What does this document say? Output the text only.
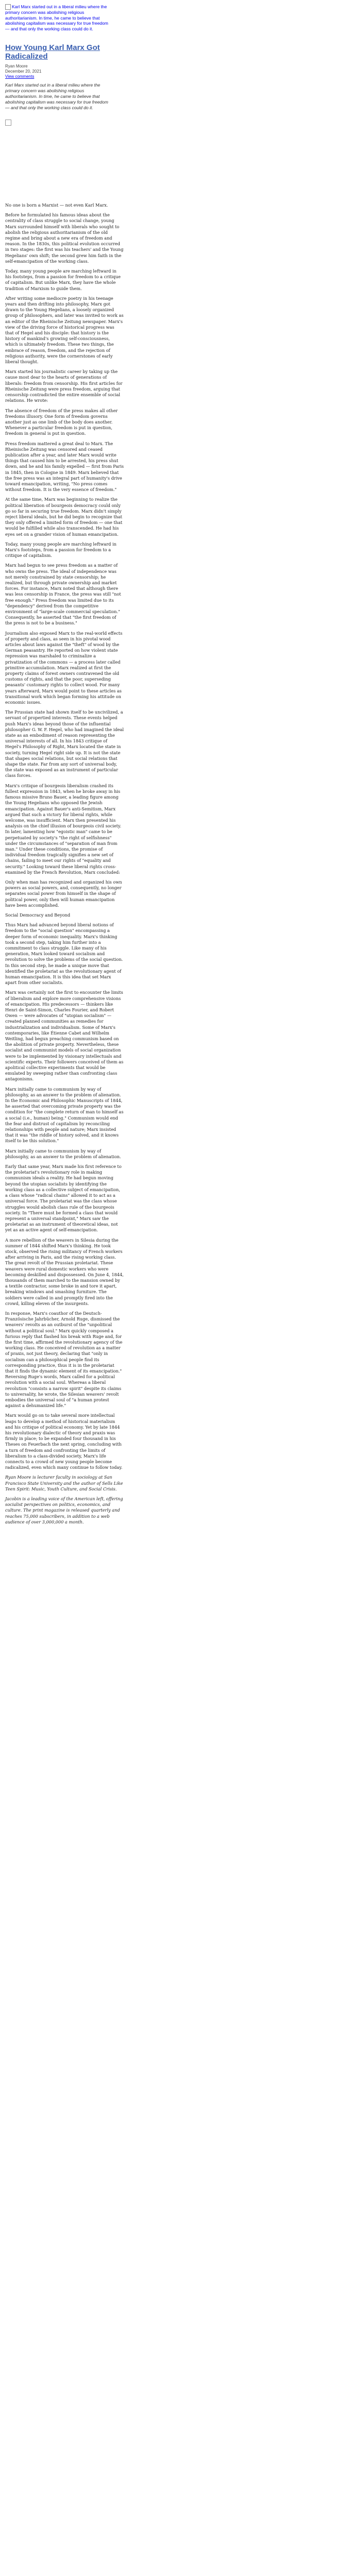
Karl Marx started out in a liberal milieu where the primary concern was abolishing religious authoritarianism. In time, he came to believe that abolishing capitalism was necessary for true freedom — and that only the working class could do it.
How Young Karl Marx Got Radicalized
Ryan Moore
December 20, 2021
View comments

Karl Marx started out in a liberal milieu where the primary concern was abolishing religious authoritarianism. In time, he came to believe that abolishing capitalism was necessary for true freedom — and that only the working class could do it.

No one is born a Marxist — not even Karl Marx.

Before he formulated his famous ideas about the centrality of class struggle to social change, young Marx surrounded himself with liberals who sought to abolish the religious authoritarianism of the old regime and bring about a new era of freedom and reason. In the 1830s, this political evolution occurred in two stages: the first was his teachers' and the Young Hegelians' own shift; the second grew him faith in the self-emancipation of the working class.

Today, many young people are marching leftward in his footsteps, from a passion for freedom to a critique of capitalism. But unlike Marx, they have the whole tradition of Marxism to guide them.

After writing some mediocre poetry in his teenage years and then drifting into philosophy, Marx got drawn to the Young Hegelians, a loosely organized group of philosophers, and later was invited to work as an editor of the Rheinische Zeitung newspaper. Marx's view of the driving force of historical progress was that of Hegel and his disciple: that history is the history of mankind's growing self-consciousness, which is ultimately freedom. These two things, the embrace of reason, freedom, and the rejection of religious authority, were the cornerstones of early liberal thought.

Marx started his journalistic career by taking up the cause most dear to the hearts of generations of liberals: freedom from censorship. His first articles for Rheinische Zeitung were press freedom, arguing that censorship contradicted the entire ensemble of social relations. He wrote:

The absence of freedom of the press makes all other freedoms illusory. One form of freedom governs another just as one limb of the body does another. Whenever a particular freedom is put in question, freedom in general is put in question.

Press freedom mattered a great deal to Marx. The Rheinische Zeitung was censored and ceased publication after a year, and later Marx would write things that caused him to be arrested, his press shut down, and he and his family expelled — first from Paris in 1845, then in Cologne in 1849. Marx believed that the free press was an integral part of humanity's drive toward emancipation, writing, "No press comes without freedom. It is the very essence of freedom."

At the same time, Marx was beginning to realize the political liberation of bourgeois democracy could only go so far in securing true freedom. Marx didn't simply reject liberal ideals, but he did begin to recognize that they only offered a limited form of freedom — one that would be fulfilled while also transcended. He had his eyes set on a grander vision of human emancipation.

Today, many young people are marching leftward in Marx's footsteps, from a passion for freedom to a critique of capitalism.

Marx had begun to see press freedom as a matter of who owns the press. The ideal of independence was not merely constrained by state censorship; he realized, but through private ownership and market forces. For instance, Marx noted that although there was less censorship in France, the press was still "not free enough." Press freedom was limited due to its "dependency" derived from the competitive environment of "large-scale commercial speculation." Consequently, he asserted that "the first freedom of the press is not to be a business."

Journalism also exposed Marx to the real-world effects of property and class, as seen in his pivotal wood articles about laws against the "theft" of wood by the German peasantry. He reported on how violent state repression was marshaled to criminalize a privatization of the commons — a process later called primitive accumulation. Marx realized at first the property claims of forest owners contravened the old customs of rights, and that the poor, superseding peasants' customary rights to collect wood. For many years afterward, Marx would point to these articles as transitional work which began forming his attitude on economic issues.

The Prussian state had shown itself to be uncivilized, a servant of propertied interests. These events helped push Marx's ideas beyond those of the influential philosopher G. W. F. Hegel, who had imagined the ideal state as an embodiment of reason representing the universal interests of all. In his 1843 critique of Hegel's Philosophy of Right, Marx located the state in society, turning Hegel right side up. It is not the state that shapes social relations, but social relations that shape the state. Far from any sort of universal body, the state was exposed as an instrument of particular class forces.

Marx's critique of bourgeois liberalism crashed its fullest expression in 1843, when he broke away in his famous missive Bruno Bauer, a leading figure among the Young Hegelians who opposed the Jewish emancipation. Against Bauer's anti-Semitism, Marx argued that such a victory for liberal rights, while welcome, was insufficient. Marx then presented his analysis on the chief illusion of bourgeois civil society. In later, lamenting how "egoistic man" came to be perpetuated by society's "the right of selfishness" under the circumstances of "separation of man from man." Under these conditions, the promise of individual freedom tragically signifies a new set of chains, failing to meet our rights of "equality and security." Looking toward these liberal rights cross-examined by the French Revolution, Marx concluded:

Only when man has recognized and organized his own powers as social powers, and, consequently, no longer separates social power from himself in the shape of political power, only then will human emancipation have been accomplished.

Social Democracy and Beyond

Thus Marx had advanced beyond liberal notions of freedom to the "social question" encompassing a deeper form of economic inequality. Marx's thinking took a second step, taking him further into a commitment to class struggle. Like many of his generation, Marx looked toward socialism and revolution to solve the problems of the social question. In this second step, he made a unique move that identified the proletariat as the revolutionary agent of human emancipation. It is this idea that set Marx apart from other socialists.

Marx was certainly not the first to encounter the limits of liberalism and explore more comprehensive visions of emancipation. His predecessors — thinkers like Henri de Saint-Simon, Charles Fourier, and Robert Owen — were advocates of "utopian socialism" — created planned communities as remedies for industrialization and individualism. Some of Marx's contemporaries, like Étienne Cabet and Wilhelm Weitling, had begun preaching communism based on the abolition of private property. Nevertheless, these socialist and communist models of social organization were to be implemented by visionary intellectuals and scientific experts. Their followers conceived of them as apolitical collective experiments that would be emulated by sweeping rather than confronting class antagonisms.

Marx initially came to communism by way of philosophy, as an answer to the problem of alienation. In the Economic and Philosophic Manuscripts of 1844, he asserted that overcoming private property was the condition for "the complete return of man to himself as a social (i.e., human) being." Communism would end the fear and distrust of capitalism by reconciling relationships with people and nature; Marx insisted that it was "the riddle of history solved, and it knows itself to be this solution."

Marx initially came to communism by way of philosophy, as an answer to the problem of alienation.

Early that same year, Marx made his first reference to the proletariat's revolutionary role in making communism ideals a reality. He had begun moving beyond the utopian socialists by identifying the working class as a collective subject of emancipation, a class whose "radical chains" allowed it to act as a universal force. The proletariat was the class whose struggles would abolish class rule of the bourgeois society. In "There must be formed a class that would represent a universal standpoint," Marx saw the proletariat as an instrument of theoretical ideas, not yet as an active agent of self-emancipation.

A more rebellion of the weavers in Silesia during the summer of 1844 shifted Marx's thinking. He took stock, observed the rising militancy of French workers after arriving in Paris, and the rising working class. The great revolt of the Prussian proletariat. These weavers were rural domestic workers who were becoming deskilled and dispossessed. On June 4, 1844, thousands of them marched to the mansion owned by a textile contractor, some broke in and tore it apart, breaking windows and smashing furniture. The soldiers were called in and promptly fired into the crowd, killing eleven of the insurgents.

In response, Marx's coauthor of the Deutsch-Französische Jahrbücher, Arnold Ruge, dismissed the weavers' revolts as an outburst of the "unpolitical without a political soul." Marx quickly composed a furious reply that flashed his break with Ruge and, for the first time, affirmed the revolutionary agency of the working class. He conceived of revolution as a matter of praxis, not just theory, declaring that "only in socialism can a philosophical people find its corresponding practice, thus it is in the proletariat that it finds the dynamic element of its emancipation." Reversing Ruge's words, Marx called for a political revolution with a social soul. Whereas a liberal revolution "consists a narrow spirit" despite its claims to universality, he wrote, the Silesian weavers' revolt embodies the universal soul of "a human protest against a dehumanized life."

Marx would go on to take several more intellectual leaps to develop a method of historical materialism and his critique of political economy. Yet by late 1844 his revolutionary dialectic of theory and praxis was firmly in place; to be expanded four thousand in his Theses on Feuerbach the next spring, concluding with a turn of freedom and confronting the limits of liberalism to a class-divided society, Marx's life connects to a crowd of new young people become radicalized, even which many continue to follow today.

Ryan Moore is lecturer faculty in sociology at San Francisco State University and the author of Sells Like Teen Spirit: Music, Youth Culture, and Social Crisis.

Jacobin is a leading voice of the American left, offering socialist perspectives on politics, economics, and culture. The print magazine is released quarterly and reaches 75,000 subscribers, in addition to a web audience of over 3,000,000 a month.
